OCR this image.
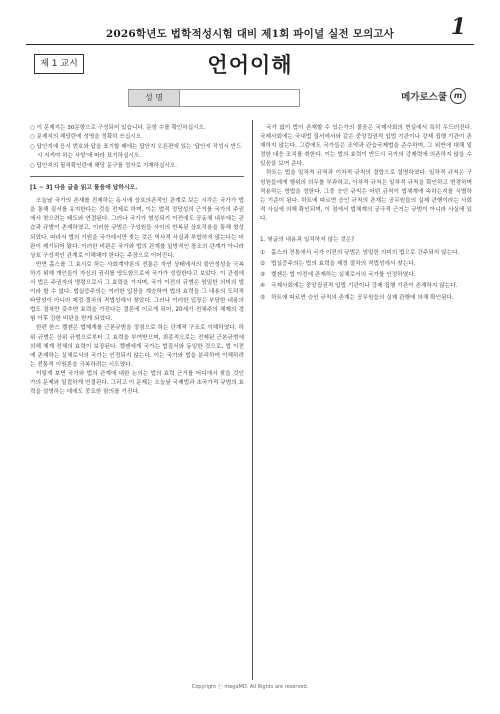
2026학년도 법학적성시험 대비 제1회 파이널 실전 모의고사	1
제 1 교시	언어이해
성 명	메가로스쿨 m
○ 이 문제지는 30문항으로 구성되어 있습니다. 문항 수를 확인하십시오.
○ 문제지의 해당란에 성명을 정확히 쓰십시오.
○ 답안지에 응시 번호와 답을 표기할 때에는 답안지 오른편에 있는 '답안지 작성시 반드시 지켜야 하는 사항'에 따라 표기하십시오.
○ 답안지의 필적확인란에 해당 문구를 정자로 기재하십시오.
[1 ~ 3] 다음 글을 읽고 물음에 답하시오.

오늘날 국가의 존재를 전제하는 동시에 상호의존적인 관계로 보는 시각은 국가가 법을 통해 질서를 유지한다는 것을 전제로 하며, 이는 법적 정당성의 근거를 국가의 주권에서 찾으려는 태도와 연결된다. 그러나 국가가 형성되기 이전에도 공동체 내부에는 관습과 규범이 존재하였고, 이러한 규범은 구성원들 사이의 반복된 상호작용을 통해 형성되었다. 따라서 법의 기원을 국가에서만 찾는 것은 역사적 사실과 부합하지 않는다는 비판이 제기되어 왔다. 이러한 비판은 국가와 법의 관계를 일방적인 창조의 관계가 아니라 상호 구성적인 관계로 이해해야 한다는 주장으로 이어진다.

반면 홉스를 그 효시로 하는 사회계약론의 전통은 자연 상태에서의 불안정성을 극복하기 위해 개인들이 자신의 권리를 양도함으로써 국가가 성립한다고 보았다. 이 관점에서 법은 주권자의 명령으로서 그 효력을 가지며, 국가 이전의 규범은 엄밀한 의미의 법이라 할 수 없다. 법실증주의는 이러한 입장을 계승하여 법의 효력을 그 내용의 도덕적 타당성이 아니라 제정 절차의 적법성에서 찾았다. 그러나 이러한 입장은 부당한 내용의 법도 절차만 갖추면 효력을 가진다는 결론에 이르게 되어, 20세기 전체주의 체제의 경험 이후 강한 비판을 받게 되었다.

한편 한스 켈젠은 법체계를 근본규범을 정점으로 하는 단계적 구조로 이해하였다. 하위 규범은 상위 규범으로부터 그 효력을 부여받으며, 최종적으로는 전제된 근본규범에 의해 체계 전체의 효력이 보장된다. 켈젠에게 국가는 법질서와 동일한 것으로, 법 이전에 존재하는 실체로서의 국가는 인정되지 않는다. 이는 국가와 법을 분리하여 이해하려는 전통적 이원론을 극복하려는 시도였다.

이렇게 보면 국가와 법의 관계에 대한 논의는 법의 효력 근거를 어디에서 찾을 것인가의 문제와 밀접하게 연결된다. 그리고 이 문제는 오늘날 국제법과 초국가적 규범의 효력을 설명하는 데에도 중요한 함의를 가진다.

국가 없이 법이 존재할 수 있는가의 물음은 국제사회의 현실에서 특히 두드러진다. 국제사회에는 국내법 질서에서와 같은 중앙집권적 입법 기관이나 강제 집행 기관이 존재하지 않는다. 그럼에도 국가들은 조약과 관습국제법을 준수하며, 그 위반에 대해 일정한 대응 조치를 취한다. 이는 법의 효력이 반드시 국가의 강제력에 의존하지 않을 수 있음을 보여 준다.

하트는 법을 일차적 규칙과 이차적 규칙의 결합으로 설명하였다. 일차적 규칙은 구성원들에게 행위의 의무를 부과하고, 이차적 규칙은 일차적 규칙을 확인하고 변경하며 적용하는 방법을 정한다. 그중 승인 규칙은 어떤 규칙이 법체계에 속하는지를 식별하는 기준이 된다. 하트에 따르면 승인 규칙의 존재는 공무원들의 실제 관행이라는 사회적 사실에 의해 확인되며, 이 점에서 법체계의 궁극적 근거는 규범이 아니라 사실에 있다.

1. 윗글의 내용과 일치하지 않는 것은?
①	홉스의 전통에서 국가 이전의 규범은 엄밀한 의미의 법으로 간주되지 않는다.
②	법실증주의는 법의 효력을 제정 절차의 적법성에서 찾는다.
③	켈젠은 법 이전에 존재하는 실체로서의 국가를 인정하였다.
④	국제사회에는 중앙집권적 입법 기관이나 강제 집행 기관이 존재하지 않는다.
⑤	하트에 따르면 승인 규칙의 존재는 공무원들의 실제 관행에 의해 확인된다.
Copyright ⓒ megaMD. All Rights are reserved.
